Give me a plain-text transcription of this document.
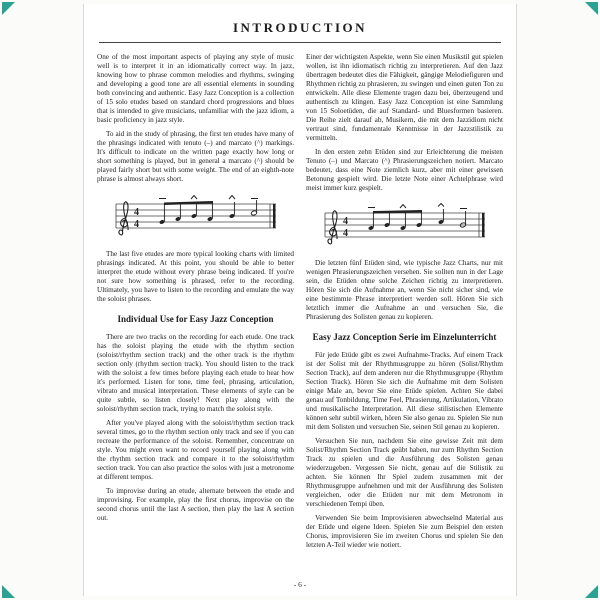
INTRODUCTION

One of the most important aspects of playing any style of music well is to interpret it in an idiomatically correct way. In jazz, knowing how to phrase common melodies and rhythms, swinging and developing a good tone are all essential elements in sounding both convincing and authentic. Easy Jazz Conception is a collection of 15 solo etudes based on standard chord progressions and blues that is intended to give musicians, unfamiliar with the jazz idiom, a basic proficiency in jazz style.

To aid in the study of phrasing, the first ten etudes have many of the phrasings indicated with tenuto (–) and marcato (^) markings. It's difficult to indicate on the written page exactly how long or short something is played, but in general a marcato (^) should be played fairly short but with some weight. The end of an eighth-note phrase is almost always short.

4
4

The last five etudes are more typical looking charts with limited phrasings indicated. At this point, you should be able to better interpret the etude without every phrase being indicated. If you're not sure how something is phrased, refer to the recording. Ultimately, you have to listen to the recording and emulate the way the soloist phrases.

Individual Use for Easy Jazz Conception

There are two tracks on the recording for each etude. One track has the soloist playing the etude with the rhythm section (soloist/rhythm section track) and the other track is the rhythm section only (rhythm section track). You should listen to the track with the soloist a few times before playing each etude to hear how it's performed. Listen for tone, time feel, phrasing, articulation, vibrato and musical interpretation. These elements of style can be quite subtle, so listen closely! Next play along with the soloist/rhythm section track, trying to match the soloist style.

After you've played along with the soloist/rhythm section track several times, go to the rhythm section only track and see if you can recreate the performance of the soloist. Remember, concentrate on style. You might even want to record yourself playing along with the rhythm section track and compare it to the soloist/rhythm section track. You can also practice the solos with just a metronome at different tempos.

To improvise during an etude, alternate between the etude and improvising. For example, play the first chorus, improvise on the second chorus until the last A section, then play the last A section out.

Einer der wichtigsten Aspekte, wenn Sie einen Musikstil gut spielen wollen, ist ihn idiomatisch richtig zu interpretieren. Auf den Jazz übertragen bedeutet dies die Fähigkeit, gängige Melodiefiguren und Rhythmen richtig zu phrasieren, zu swingen und einen guten Ton zu entwickeln. Alle diese Elemente tragen dazu bei, überzeugend und authentisch zu klingen. Easy Jazz Conception ist eine Sammlung von 15 Soloetüden, die auf Standard- und Bluesformen basieren. Die Reihe zielt darauf ab, Musikern, die mit dem Jazzidiom nicht vertraut sind, fundamentale Kenntnisse in der Jazzstilistik zu vermitteln.

In den ersten zehn Etüden sind zur Erleichterung die meisten Tenuto (–) und Marcato (^) Phrasierungszeichen notiert. Marcato bedeutet, dass eine Note ziemlich kurz, aber mit einer gewissen Betonung gespielt wird. Die letzte Note einer Achtelphrase wird meist immer kurz gespielt.

4
4

Die letzten fünf Etüden sind, wie typische Jazz Charts, nur mit wenigen Phrasierungszeichen versehen. Sie sollten nun in der Lage sein, die Etüden ohne solche Zeichen richtig zu interpretieren. Hören Sie sich die Aufnahme an, wenn Sie nicht sicher sind, wie eine bestimmte Phrase interpretiert werden soll. Hören Sie sich letztlich immer die Aufnahme an und versuchen Sie, die Phrasierung des Solisten genau zu kopieren.

Easy Jazz Conception Serie im Einzelunterricht

Für jede Etüde gibt es zwei Aufnahme-Tracks. Auf einem Track ist der Solist mit der Rhythmusgruppe zu hören (Solist/Rhythm Section Track), auf dem anderen nur die Rhythmusgruppe (Rhythm Section Track). Hören Sie sich die Aufnahme mit dem Solisten einige Male an, bevor Sie eine Etüde spielen. Achten Sie dabei genau auf Tonbildung, Time Feel, Phrasierung, Artikulation, Vibrato und musikalische Interpretation. All diese stilistischen Elemente können sehr subtil wirken, hören Sie also genau zu. Spielen Sie nun mit dem Solisten und versuchen Sie, seinen Stil genau zu kopieren.

Versuchen Sie nun, nachdem Sie eine gewisse Zeit mit dem Solist/Rhythm Section Track geübt haben, nur zum Rhythm Section Track zu spielen und die Ausführung des Solisten genau wiederzugeben. Vergessen Sie nicht, genau auf die Stilistik zu achten. Sie können Ihr Spiel zudem zusammen mit der Rhythmusgruppe aufnehmen und mit der Ausführung des Solisten vergleichen, oder die Etüden nur mit dem Metronom in verschiedenen Tempi üben.

Verwenden Sie beim Improvisieren abwechselnd Material aus der Etüde und eigene Ideen. Spielen Sie zum Beispiel den ersten Chorus, improvisieren Sie im zweiten Chorus und spielen Sie den letzten A-Teil wieder wie notiert.

- 6 -
